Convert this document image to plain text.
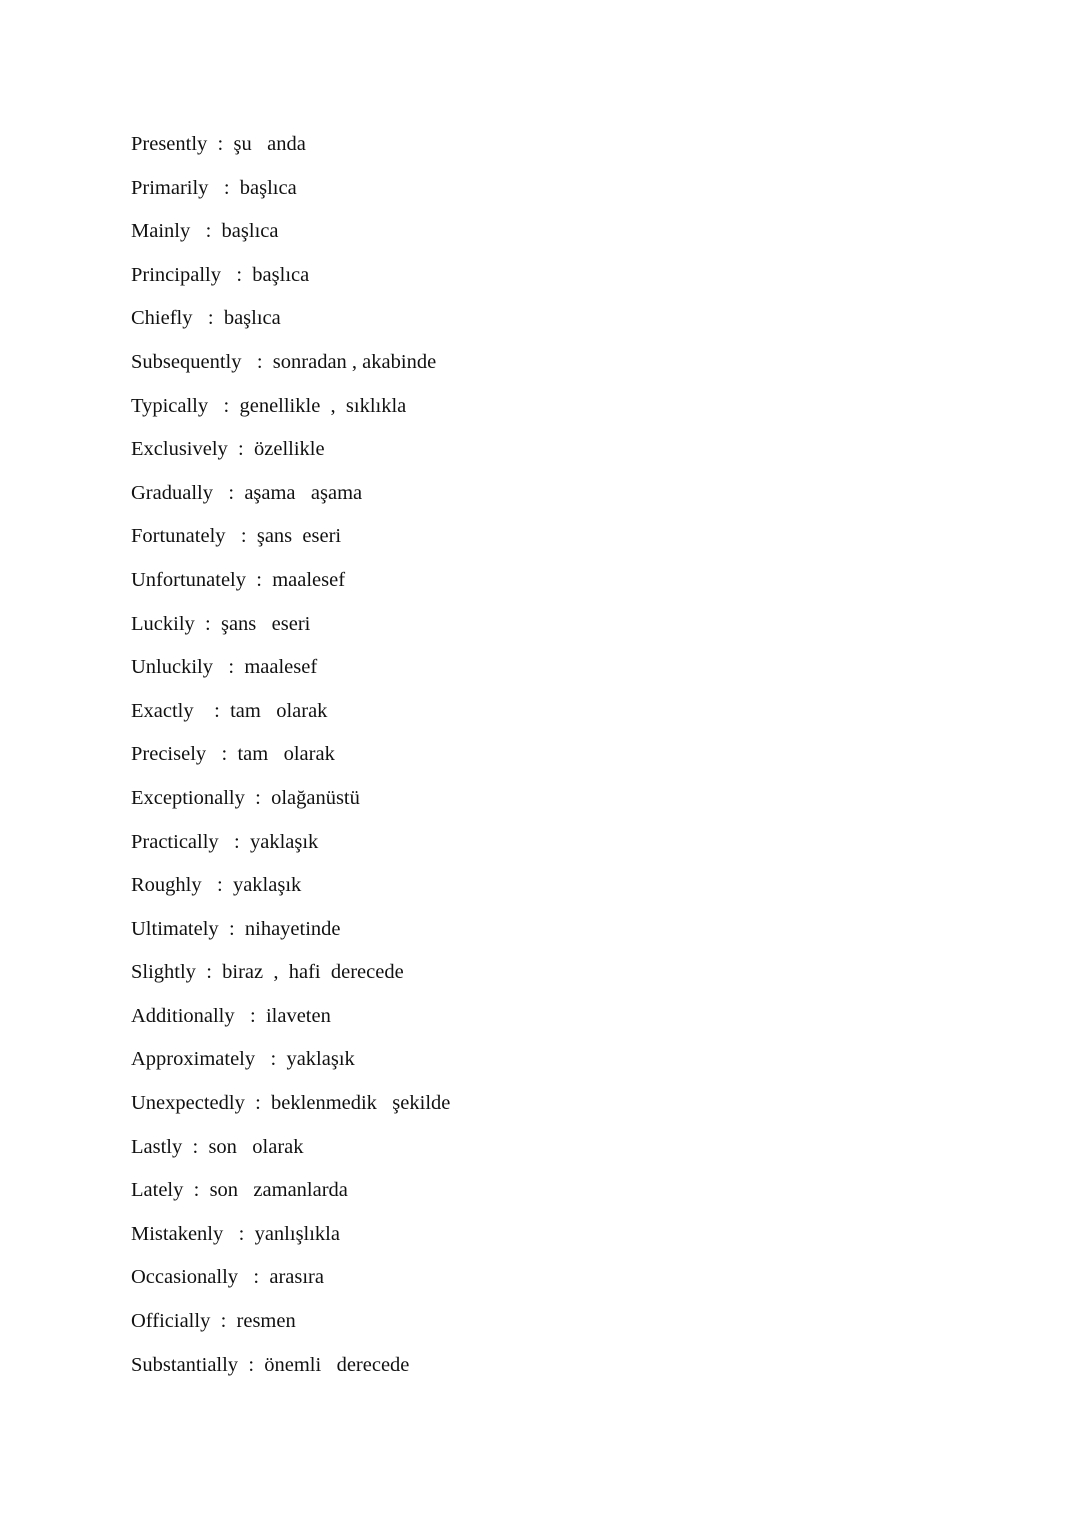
Presently  :  şu   anda
Primarily   :  başlıca
Mainly   :  başlıca
Principally   :  başlıca
Chiefly   :  başlıca
Subsequently   :  sonradan , akabinde
Typically   :  genellikle  ,  sıklıkla
Exclusively  :  özellikle
Gradually   :  aşama   aşama
Fortunately   :  şans  eseri
Unfortunately  :  maalesef
Luckily  :  şans   eseri
Unluckily   :  maalesef
Exactly    :  tam   olarak
Precisely   :  tam   olarak
Exceptionally  :  olağanüstü
Practically   :  yaklaşık
Roughly   :  yaklaşık
Ultimately  :  nihayetinde
Slightly  :  biraz  ,  hafi  derecede
Additionally   :  ilaveten
Approximately   :  yaklaşık
Unexpectedly  :  beklenmedik   şekilde
Lastly  :  son   olarak
Lately  :  son   zamanlarda
Mistakenly   :  yanlışlıkla
Occasionally   :  arasıra
Officially  :  resmen
Substantially  :  önemli   derecede
